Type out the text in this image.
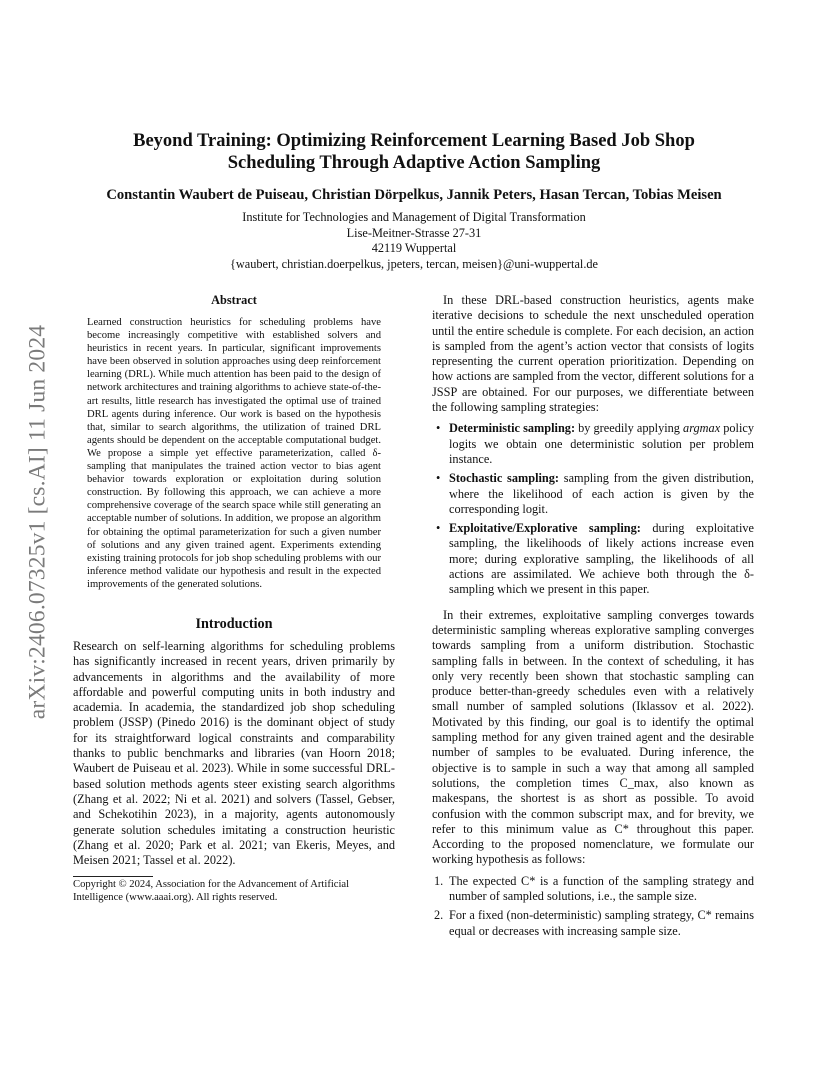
arXiv:2406.07325v1 [cs.AI] 11 Jun 2024
Beyond Training: Optimizing Reinforcement Learning Based Job Shop
Scheduling Through Adaptive Action Sampling
Constantin Waubert de Puiseau, Christian Dörpelkus, Jannik Peters, Hasan Tercan, Tobias Meisen
Institute for Technologies and Management of Digital Transformation
Lise-Meitner-Strasse 27-31
42119 Wuppertal
{waubert, christian.doerpelkus, jpeters, tercan, meisen}@uni-wuppertal.de
Abstract

Learned construction heuristics for scheduling problems have become increasingly competitive with established solvers and heuristics in recent years. In particular, significant improvements have been observed in solution approaches using deep reinforcement learning (DRL). While much attention has been paid to the design of network architectures and training algorithms to achieve state-of-the-art results, little research has investigated the optimal use of trained DRL agents during inference. Our work is based on the hypothesis that, similar to search algorithms, the utilization of trained DRL agents should be dependent on the acceptable computational budget. We propose a simple yet effective parameterization, called δ-sampling that manipulates the trained action vector to bias agent behavior towards exploration or exploitation during solution construction. By following this approach, we can achieve a more comprehensive coverage of the search space while still generating an acceptable number of solutions. In addition, we propose an algorithm for obtaining the optimal parameterization for such a given number of solutions and any given trained agent. Experiments extending existing training protocols for job shop scheduling problems with our inference method validate our hypothesis and result in the expected improvements of the generated solutions.

Introduction

Research on self-learning algorithms for scheduling problems has significantly increased in recent years, driven primarily by advancements in algorithms and the availability of more affordable and powerful computing units in both industry and academia. In academia, the standardized job shop scheduling problem (JSSP) (Pinedo 2016) is the dominant object of study for its straightforward logical constraints and comparability thanks to public benchmarks and libraries (van Hoorn 2018; Waubert de Puiseau et al. 2023). While in some successful DRL-based solution methods agents steer existing search algorithms (Zhang et al. 2022; Ni et al. 2021) and solvers (Tassel, Gebser, and Schekotihin 2023), in a majority, agents autonomously generate solution schedules imitating a construction heuristic (Zhang et al. 2020; Park et al. 2021; van Ekeris, Meyes, and Meisen 2021; Tassel et al. 2022).

Copyright © 2024, Association for the Advancement of Artificial Intelligence (www.aaai.org). All rights reserved.

In these DRL-based construction heuristics, agents make iterative decisions to schedule the next unscheduled operation until the entire schedule is complete. For each decision, an action is sampled from the agent’s action vector that consists of logits representing the current operation prioritization. Depending on how actions are sampled from the vector, different solutions for a JSSP are obtained. For our purposes, we differentiate between the following sampling strategies:

• Deterministic sampling: by greedily applying argmax policy logits we obtain one deterministic solution per problem instance.
• Stochastic sampling: sampling from the given distribution, where the likelihood of each action is given by the corresponding logit.
• Exploitative/Explorative sampling: during exploitative sampling, the likelihoods of likely actions increase even more; during explorative sampling, the likelihoods of all actions are assimilated. We achieve both through the δ-sampling which we present in this paper.

In their extremes, exploitative sampling converges towards deterministic sampling whereas explorative sampling converges towards sampling from a uniform distribution. Stochastic sampling falls in between. In the context of scheduling, it has only very recently been shown that stochastic sampling can produce better-than-greedy schedules even with a relatively small number of sampled solutions (Iklassov et al. 2022). Motivated by this finding, our goal is to identify the optimal sampling method for any given trained agent and the desirable number of samples to be evaluated. During inference, the objective is to sample in such a way that among all sampled solutions, the completion times C_max, also known as makespans, the shortest is as short as possible. To avoid confusion with the common subscript max, and for brevity, we refer to this minimum value as C* throughout this paper. According to the proposed nomenclature, we formulate our working hypothesis as follows:

1. The expected C* is a function of the sampling strategy and number of sampled solutions, i.e., the sample size.
2. For a fixed (non-deterministic) sampling strategy, C* remains equal or decreases with increasing sample size.
